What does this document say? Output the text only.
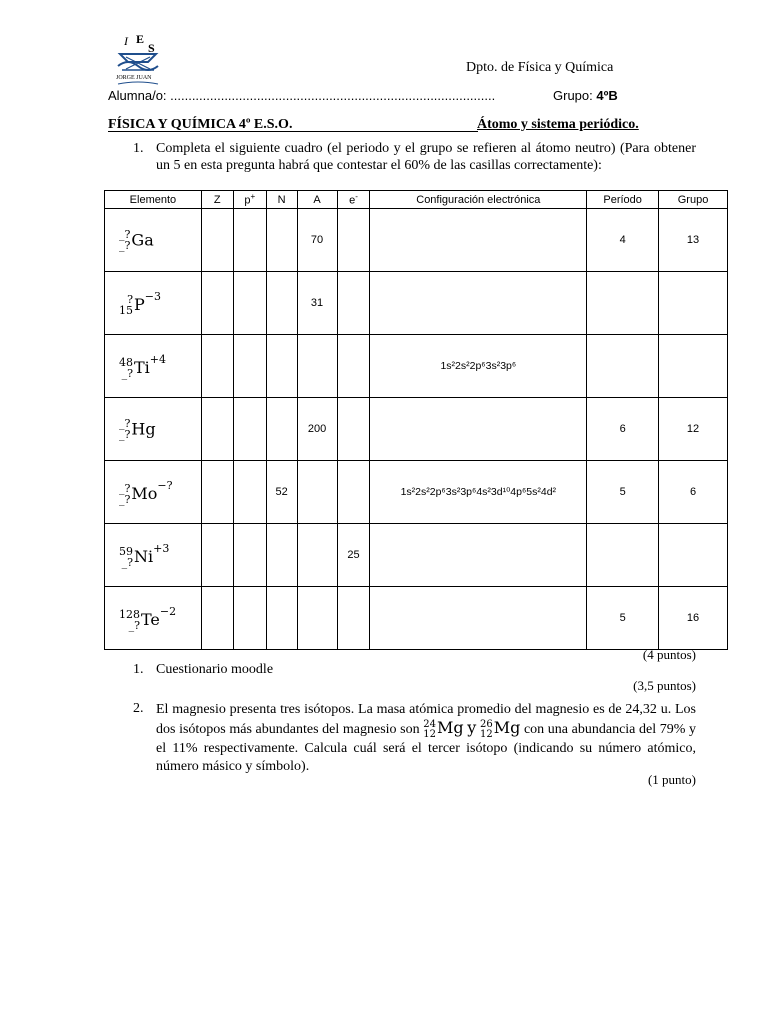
I E
S
JORGE JUAN
Dpto. de Física y Química
Alumna/o: ..........................................................................................	Grupo: 4ºB
FÍSICA Y QUÍMICA 4º E.S.O.	Átomo y sistema periódico.
1. Completa el siguiente cuadro (el periodo y el grupo se refieren al átomo neutro) (Para obtener un 5 en esta pregunta habrá que contestar el 60% de las casillas correctamente):
Elemento	Z	p+	N	A	e-	Configuración electrónica	Período	Grupo

_?
_? Ga				70			4	13

?
15 $P^{-3}$				31				

48
_? $Ti^{+4}$						1s²2s²2p⁶3s²3p⁶		

_?
_? Hg				200			6	12

_?
_? Mo−?			52			1s²2s²2p⁶3s²3p⁶4s²3d¹⁰4p⁶5s²4d²	5	6

59
_? $Ni^{+3}$					25			

128
_? $Te^{-2}$							5	16
(4 puntos)
1. Cuestionario moodle
(3,5 puntos)
2. El magnesio presenta tres isótopos. La masa atómica promedio del magnesio es de 24,32 u. Los dos isótopos más abundantes del magnesio son 24
12 Mg y 26
12 Mg con una abundancia del 79% y el 11% respectivamente. Calcula cuál será el tercer isótopo (indicando su número atómico, número másico y símbolo).
(1 punto)
